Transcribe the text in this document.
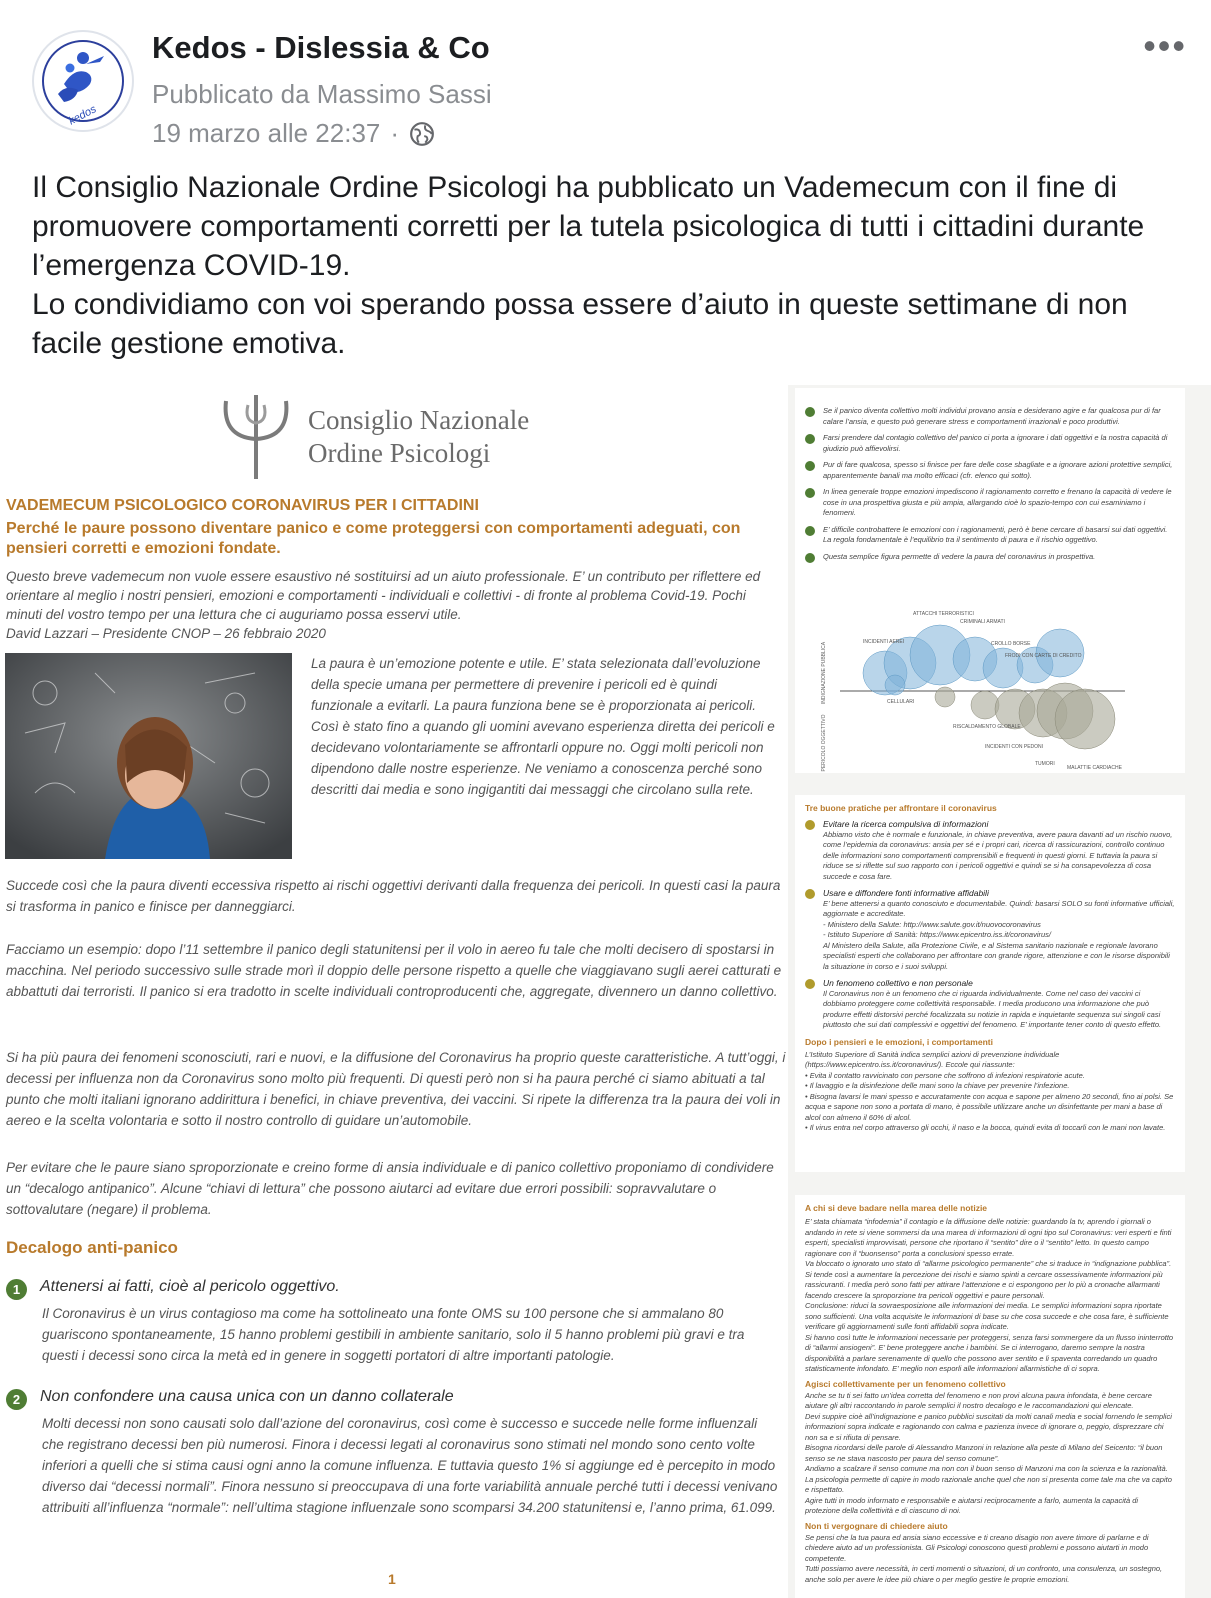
kedos
Kedos - Dislessia & Co
Pubblicato da Massimo Sassi
19 marzo alle 22:37 ·
•••

Il Consiglio Nazionale Ordine Psicologi ha pubblicato un Vademecum con il fine di promuovere comportamenti corretti per la tutela psicologica di tutti i cittadini durante l’emergenza COVID-19.

Lo condividiamo con voi sperando possa essere d’aiuto in queste settimane di non facile gestione emotiva.

Consiglio Nazionale
Ordine Psicologi
VADEMECUM PSICOLOGICO CORONAVIRUS PER I CITTADINI
Perché le paure possono diventare panico e come proteggersi con comportamenti adeguati, con pensieri corretti e emozioni fondate.
Questo breve vademecum non vuole essere esaustivo né sostituirsi ad un aiuto professionale. E’ un contributo per riflettere ed orientare al meglio i nostri pensieri, emozioni e comportamenti - individuali e collettivi - di fronte al problema Covid-19. Pochi minuti del vostro tempo per una lettura che ci auguriamo possa esservi utile.
David Lazzari – Presidente CNOP – 26 febbraio 2020
La paura è un’emozione potente e utile. E’ stata selezionata dall’evoluzione della specie umana per permettere di prevenire i pericoli ed è quindi funzionale a evitarli. La paura funziona bene se è proporzionata ai pericoli. Così è stato fino a quando gli uomini avevano esperienza diretta dei pericoli e decidevano volontariamente se affrontarli oppure no. Oggi molti pericoli non dipendono dalle nostre esperienze. Ne veniamo a conoscenza perché sono descritti dai media e sono ingigantiti dai messaggi che circolano sulla rete.
Succede così che la paura diventi eccessiva rispetto ai rischi oggettivi derivanti dalla frequenza dei pericoli. In questi casi la paura si trasforma in panico e finisce per danneggiarci.
Facciamo un esempio: dopo l’11 settembre il panico degli statunitensi per il volo in aereo fu tale che molti decisero di spostarsi in macchina. Nel periodo successivo sulle strade morì il doppio delle persone rispetto a quelle che viaggiavano sugli aerei catturati e abbattuti dai terroristi. Il panico si era tradotto in scelte individuali controproducenti che, aggregate, divennero un danno collettivo.
Si ha più paura dei fenomeni sconosciuti, rari e nuovi, e la diffusione del Coronavirus ha proprio queste caratteristiche. A tutt’oggi, i decessi per influenza non da Coronavirus sono molto più frequenti. Di questi però non si ha paura perché ci siamo abituati a tal punto che molti italiani ignorano addirittura i benefici, in chiave preventiva, dei vaccini. Si ripete la differenza tra la paura dei voli in aereo e la scelta volontaria e sotto il nostro controllo di guidare un’automobile.
Per evitare che le paure siano sproporzionate e creino forme di ansia individuale e di panico collettivo proponiamo di condividere un “decalogo antipanico”. Alcune “chiavi di lettura” che possono aiutarci ad evitare due errori possibili: sopravvalutare o sottovalutare (negare) il problema.
Decalogo anti-panico
1	Attenersi ai fatti, cioè al pericolo oggettivo.
Il Coronavirus è un virus contagioso ma come ha sottolineato una fonte OMS su 100 persone che si ammalano 80 guariscono spontaneamente, 15 hanno problemi gestibili in ambiente sanitario, solo il 5 hanno problemi più gravi e tra questi i decessi sono circa la metà ed in genere in soggetti portatori di altre importanti patologie.
2	Non confondere una causa unica con un danno collaterale
Molti decessi non sono causati solo dall’azione del coronavirus, così come è successo e succede nelle forme influenzali che registrano decessi ben più numerosi. Finora i decessi legati al coronavirus sono stimati nel mondo sono cento volte inferiori a quelli che si stima causi ogni anno la comune influenza. E tuttavia questo 1% si aggiunge ed è percepito in modo diverso dai “decessi normali”. Finora nessuno si preoccupava di una forte variabilità annuale perché tutti i decessi venivano attribuiti all’influenza “normale”: nell’ultima stagione influenzale sono scomparsi 34.200 statunitensi e, l’anno prima, 61.099.
1
Se il panico diventa collettivo molti individui provano ansia e desiderano agire e far qualcosa pur di far calare l’ansia, e questo può generare stress e comportamenti irrazionali e poco produttivi.
Farsi prendere dal contagio collettivo del panico ci porta a ignorare i dati oggettivi e la nostra capacità di giudizio può affievolirsi.
Pur di fare qualcosa, spesso si finisce per fare delle cose sbagliate e a ignorare azioni protettive semplici, apparentemente banali ma molto efficaci (cfr. elenco qui sotto).
In linea generale troppe emozioni impediscono il ragionamento corretto e frenano la capacità di vedere le cose in una prospettiva giusta e più ampia, allargando cioè lo spazio-tempo con cui esaminiamo i fenomeni.
E’ difficile controbattere le emozioni con i ragionamenti, però è bene cercare di basarsi sui dati oggettivi. La regola fondamentale è l’equilibrio tra il sentimento di paura e il rischio oggettivo.
Questa semplice figura permette di vedere la paura del coronavirus in prospettiva.
INDIGNAZIONE PUBBLICA
PERICOLO OGGETTIVO
ATTACCHI TERRORISTICI
CRIMINALI ARMATI
INCIDENTI AEREI	CROLLO BORSE
FRODI CON CARTE DI CREDITO
CELLULARI
RISCALDAMENTO GLOBALE
INCIDENTI CON PEDONI
TUMORI
MALATTIE CARDIACHE
Tre buone pratiche per affrontare il coronavirus
Evitare la ricerca compulsiva di informazioni
Abbiamo visto che è normale e funzionale, in chiave preventiva, avere paura davanti ad un rischio nuovo, come l’epidemia da coronavirus: ansia per sé e i propri cari, ricerca di rassicurazioni, controllo continuo delle informazioni sono comportamenti comprensibili e frequenti in questi giorni. E tuttavia la paura si riduce se si riflette sul suo rapporto con i pericoli oggettivi e quindi se si ha consapevolezza di cosa succede e cosa fare.
Usare e diffondere fonti informative affidabili
E’ bene attenersi a quanto conosciuto e documentabile. Quindi: basarsi SOLO su fonti informative ufficiali, aggiornate e accreditate.
- Ministero della Salute: http://www.salute.gov.it/nuovocoronavirus
- Istituto Superiore di Sanità: https://www.epicentro.iss.it/coronavirus/
Al Ministero della Salute, alla Protezione Civile, e al Sistema sanitario nazionale e regionale lavorano specialisti esperti che collaborano per affrontare con grande rigore, attenzione e con le risorse disponibili la situazione in corso e i suoi sviluppi.
Un fenomeno collettivo e non personale
Il Coronavirus non è un fenomeno che ci riguarda individualmente. Come nel caso dei vaccini ci dobbiamo proteggere come collettività responsabile. I media producono una informazione che può produrre effetti distorsivi perché focalizzata su notizie in rapida e inquietante sequenza sui singoli casi piuttosto che sui dati complessivi e oggettivi del fenomeno. E’ importante tener conto di questo effetto.
Dopo i pensieri e le emozioni, i comportamenti
L’Istituto Superiore di Sanità indica semplici azioni di prevenzione individuale (https://www.epicentro.iss.it/coronavirus/). Eccole qui riassunte:
• Evita il contatto ravvicinato con persone che soffrono di infezioni respiratorie acute.
• Il lavaggio e la disinfezione delle mani sono la chiave per prevenire l’infezione.
• Bisogna lavarsi le mani spesso e accuratamente con acqua e sapone per almeno 20 secondi, fino ai polsi. Se acqua e sapone non sono a portata di mano, è possibile utilizzare anche un disinfettante per mani a base di alcol con almeno il 60% di alcol.
• Il virus entra nel corpo attraverso gli occhi, il naso e la bocca, quindi evita di toccarli con le mani non lavate.
A chi si deve badare nella marea delle notizie
E’ stata chiamata “infodemia” il contagio e la diffusione delle notizie: guardando la tv, aprendo i giornali o andando in rete si viene sommersi da una marea di informazioni di ogni tipo sul Coronavirus: veri esperti e finti esperti, specialisti improvvisati, persone che riportano il “sentito” dire o il “sentito” letto. In questo campo ragionare con il “buonsenso” porta a conclusioni spesso errate.
Va bloccato o ignorato uno stato di “allarme psicologico permanente” che si traduce in “indignazione pubblica”. Si tende così a aumentare la percezione dei rischi e siamo spinti a cercare ossessivamente informazioni più rassicuranti. I media però sono fatti per attirare l’attenzione e ci espongono per lo più a cronache allarmanti facendo crescere la sproporzione tra pericoli oggettivi e paure personali.
Conclusione: riduci la sovraesposizione alle informazioni dei media. Le semplici informazioni sopra riportate sono sufficienti. Una volta acquisite le informazioni di base su che cosa succede e che cosa fare, è sufficiente verificare gli aggiornamenti sulle fonti affidabili sopra indicate.
Si hanno così tutte le informazioni necessarie per proteggersi, senza farsi sommergere da un flusso ininterrotto di “allarmi ansiogeni”. E’ bene proteggere anche i bambini. Se ci interrogano, daremo sempre la nostra disponibilità a parlare serenamente di quello che possono aver sentito e li spaventa corredando un quadro statisticamente infondato. E’ meglio non esporli alle informazioni allarmistiche di ci sopra.
Agisci collettivamente per un fenomeno collettivo
Anche se tu ti sei fatto un’idea corretta del fenomeno e non provi alcuna paura infondata, è bene cercare aiutare gli altri raccontando in parole semplici il nostro decalogo e le raccomandazioni qui elencate.
Devi suppire cioè all’indignazione e panico pubblici suscitati da molti canali media e social fornendo le semplici informazioni sopra indicate e ragionando con calma e pazienza invece di ignorare o, peggio, disprezzare chi non sa e si rifiuta di pensare.
Bisogna ricordarsi delle parole di Alessandro Manzoni in relazione alla peste di Milano del Seicento: “il buon senso se ne stava nascosto per paura del senso comune”.
Andiamo a scalzare il senso comune ma non con il buon senso di Manzoni ma con la scienza e la razionalità. La psicologia permette di capire in modo razionale anche quel che non si presenta come tale ma che va capito e rispettato.
Agire tutti in modo informato e responsabile e aiutarsi reciprocamente a farlo, aumenta la capacità di protezione della collettività e di ciascuno di noi.
Non ti vergognare di chiedere aiuto
Se pensi che la tua paura ed ansia siano eccessive e ti creano disagio non avere timore di parlarne e di chiedere aiuto ad un professionista. Gli Psicologi conoscono questi problemi e possono aiutarti in modo competente.
Tutti possiamo avere necessità, in certi momenti o situazioni, di un confronto, una consulenza, un sostegno, anche solo per avere le idee più chiare o per meglio gestire le proprie emozioni.
